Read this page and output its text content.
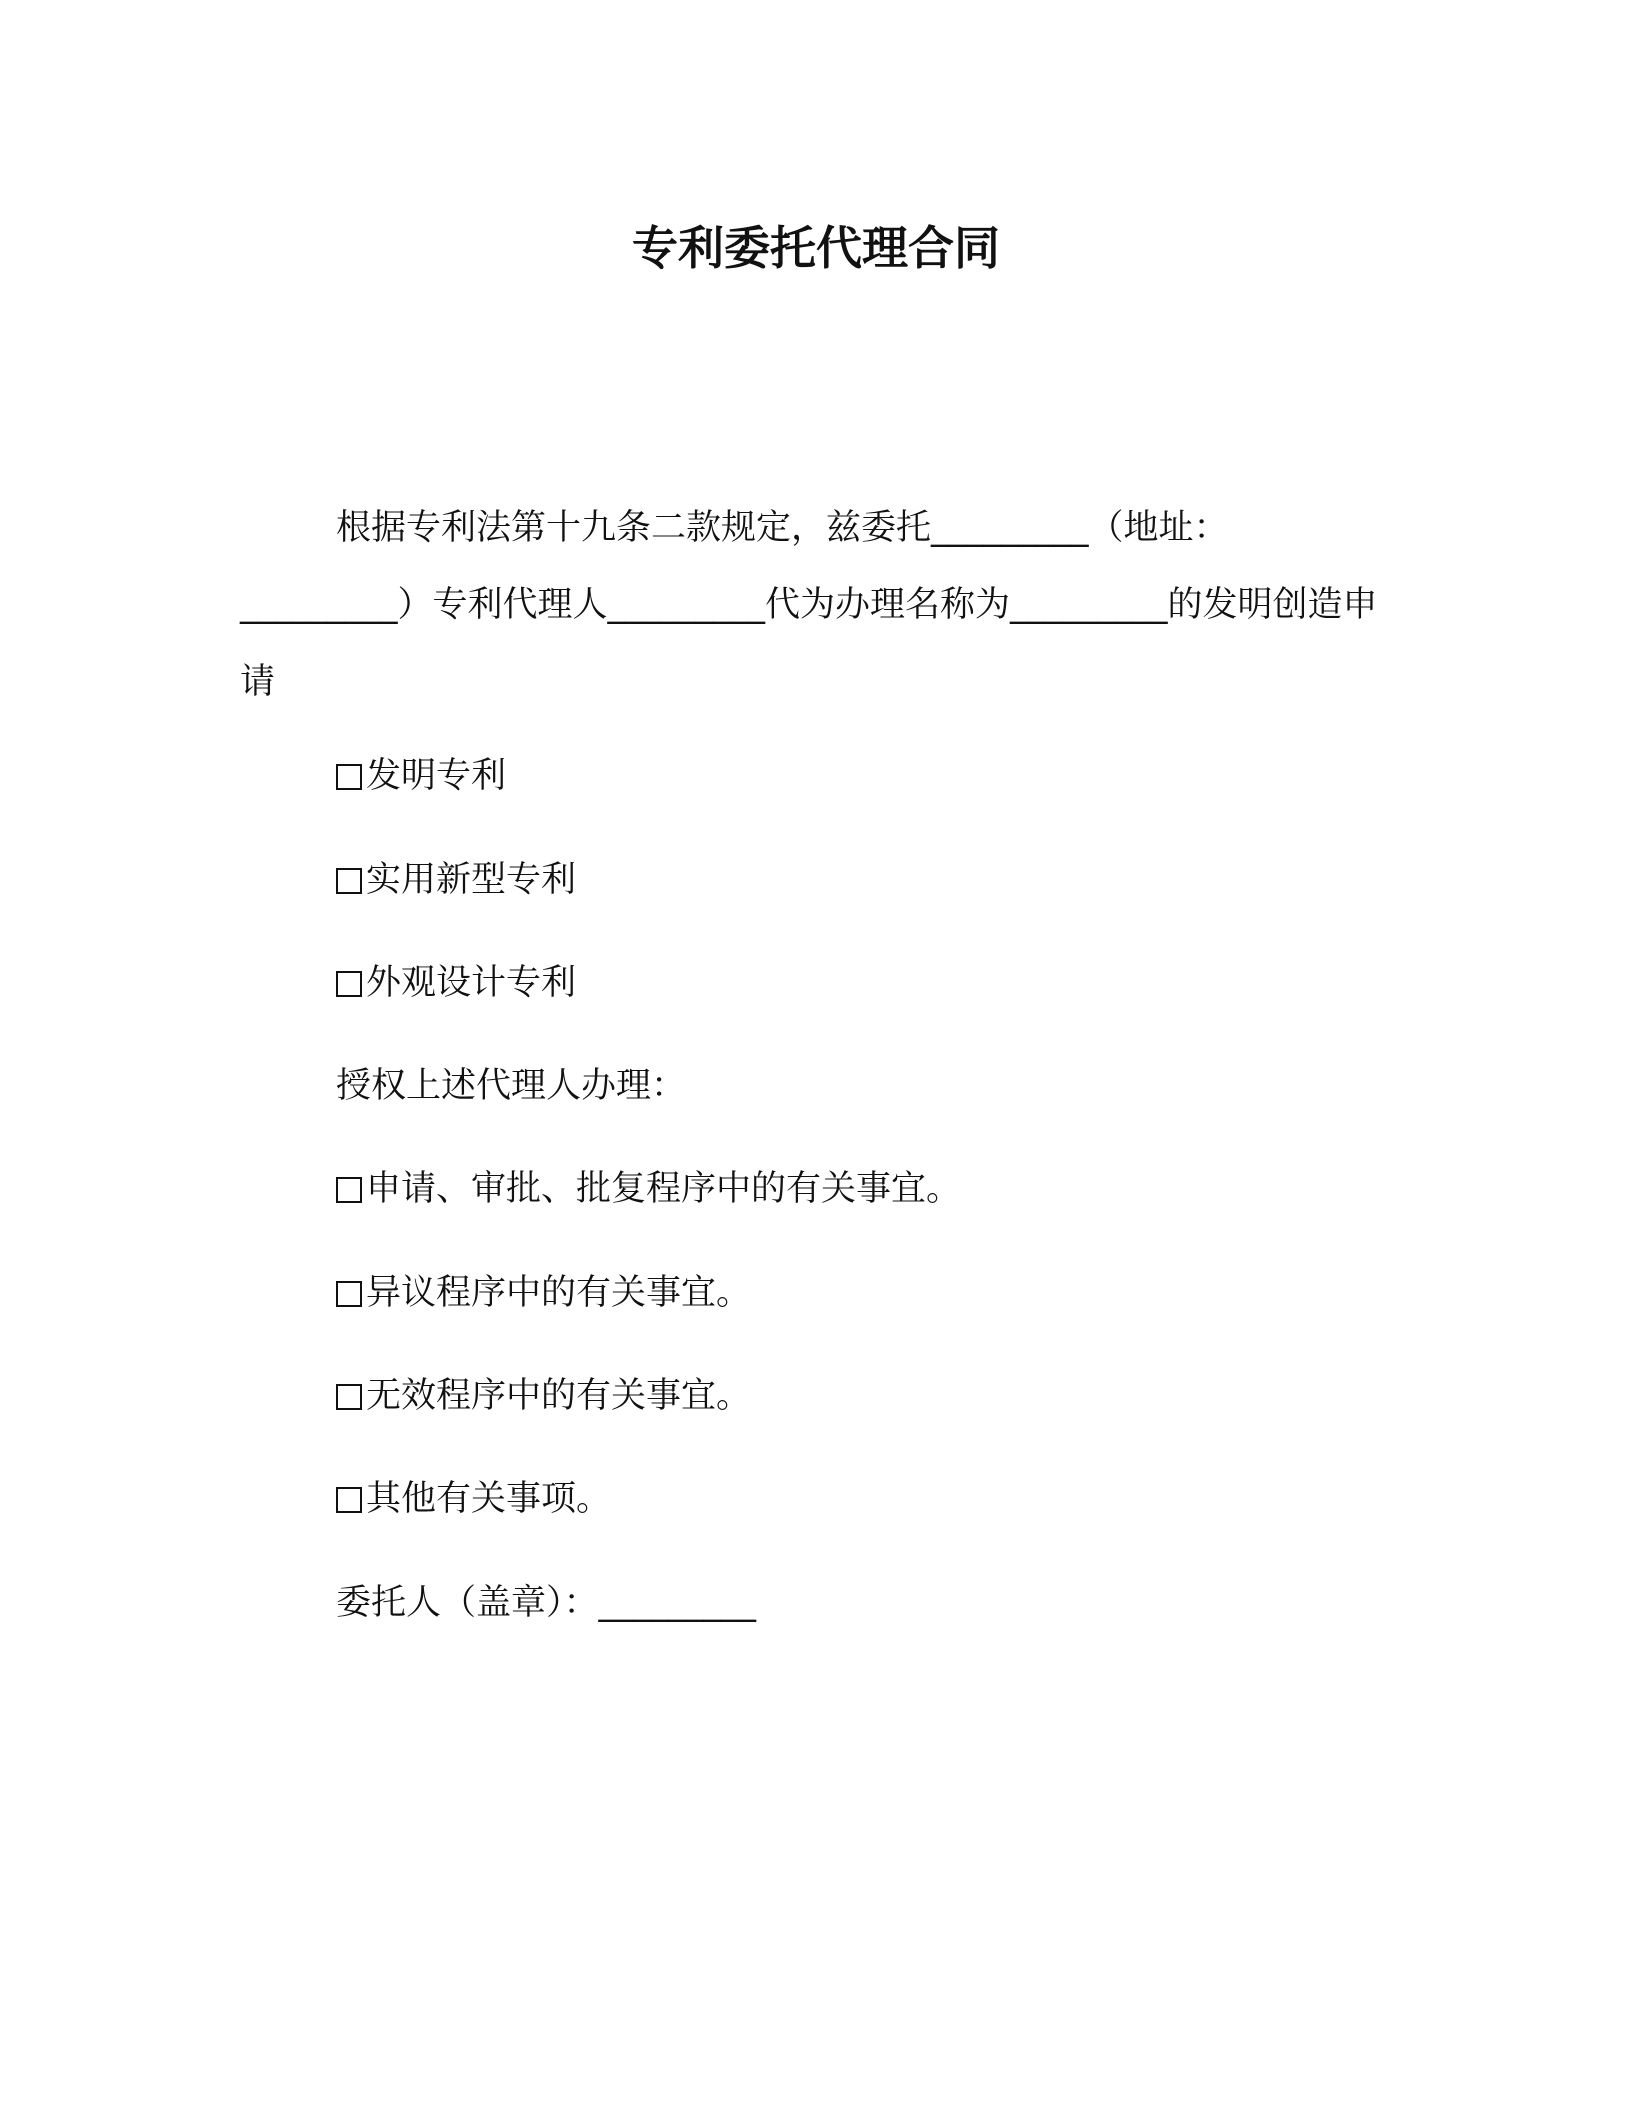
专利委托代理合同

根据专利法第十九条二款规定，兹委托_________（地址：_________）专利代理人_________代为办理名称为_________的发明创造申请

发明专利
实用新型专利
外观设计专利
授权上述代理人办理：
申请、审批、批复程序中的有关事宜。
异议程序中的有关事宜。
无效程序中的有关事宜。
其他有关事项。
委托人（盖章）：_________
